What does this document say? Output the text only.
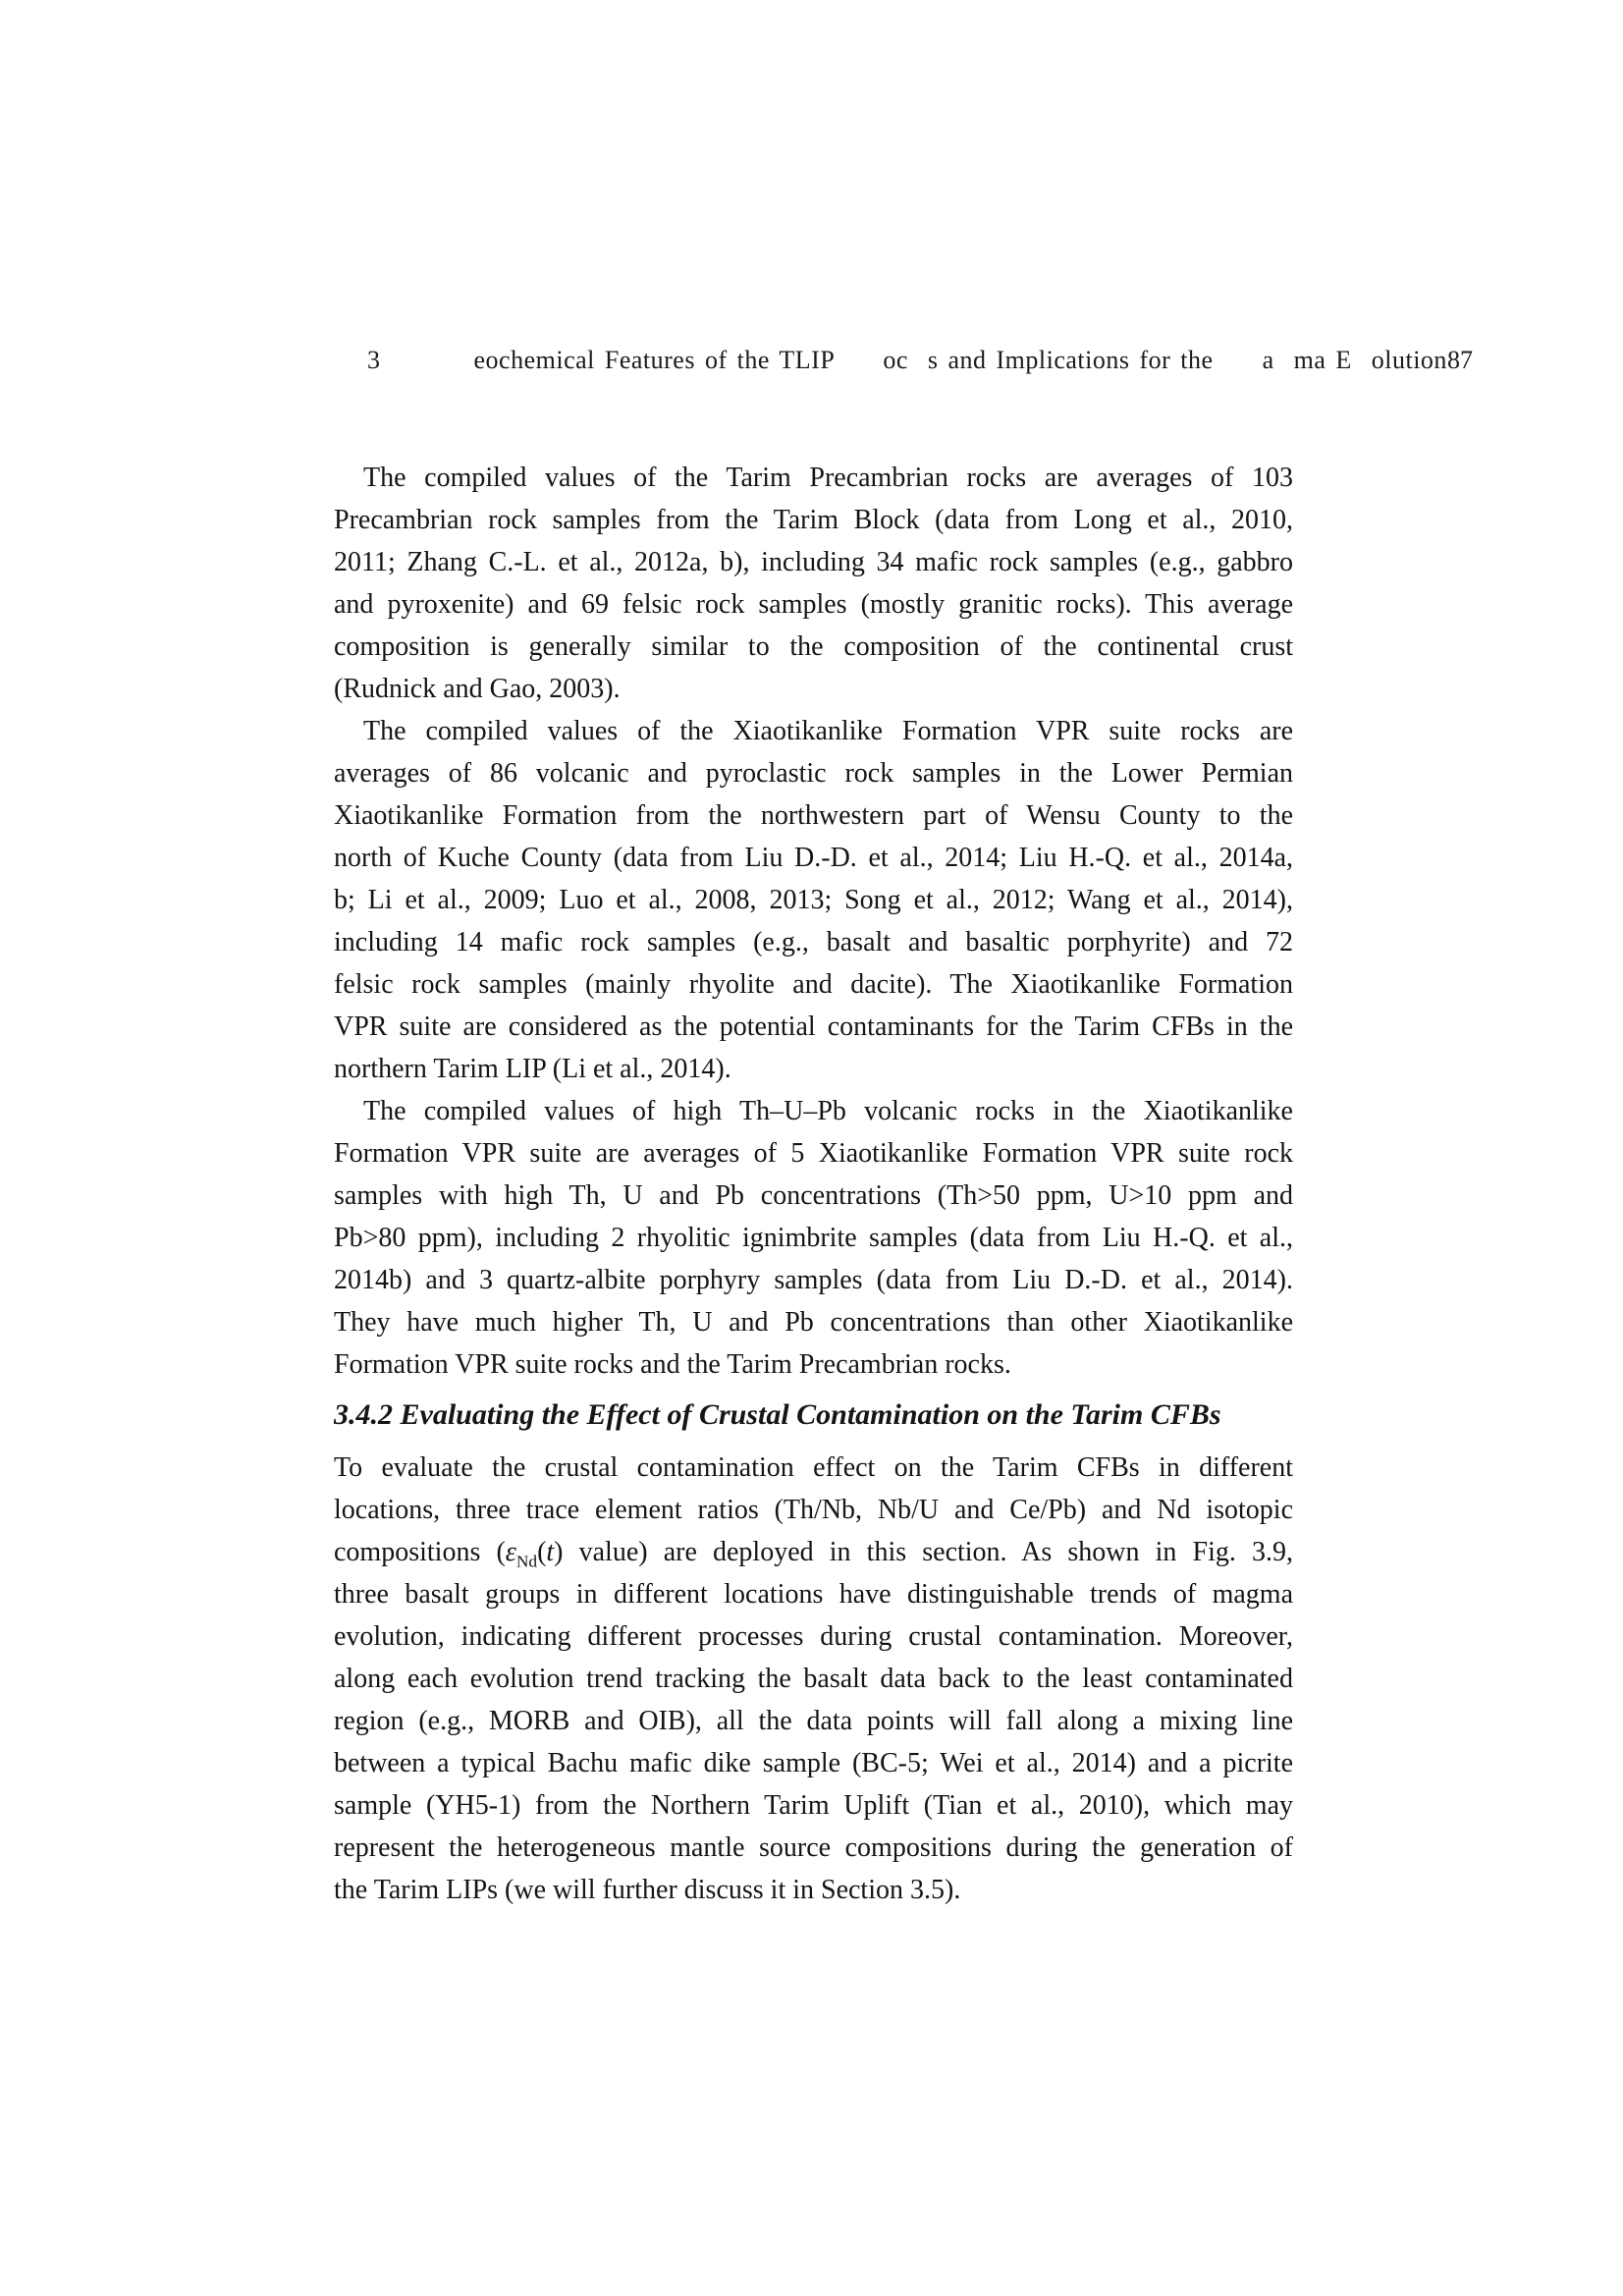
3	eochemical Features of the TLIP     oc  s and Implications for the     a  ma E  olution 87
The compiled values of the Tarim Precambrian rocks are averages of 103
Precambrian rock samples from the Tarim Block (data from Long et al., 2010,
2011; Zhang C.-L. et al., 2012a, b), including 34 mafic rock samples (e.g., gabbro
and pyroxenite) and 69 felsic rock samples (mostly granitic rocks). This average
composition is generally similar to the composition of the continental crust
(Rudnick and Gao, 2003).
The compiled values of the Xiaotikanlike Formation VPR suite rocks are
averages of 86 volcanic and pyroclastic rock samples in the Lower Permian
Xiaotikanlike Formation from the northwestern part of Wensu County to the
north of Kuche County (data from Liu D.-D. et al., 2014; Liu H.-Q. et al., 2014a,
b; Li et al., 2009; Luo et al., 2008, 2013; Song et al., 2012; Wang et al., 2014),
including 14 mafic rock samples (e.g., basalt and basaltic porphyrite) and 72
felsic rock samples (mainly rhyolite and dacite). The Xiaotikanlike Formation
VPR suite are considered as the potential contaminants for the Tarim CFBs in the
northern Tarim LIP (Li et al., 2014).
The compiled values of high Th–U–Pb volcanic rocks in the Xiaotikanlike
Formation VPR suite are averages of 5 Xiaotikanlike Formation VPR suite rock
samples with high Th, U and Pb concentrations (Th>50 ppm, U>10 ppm and
Pb>80 ppm), including 2 rhyolitic ignimbrite samples (data from Liu H.-Q. et al.,
2014b) and 3 quartz-albite porphyry samples (data from Liu D.-D. et al., 2014).
They have much higher Th, U and Pb concentrations than other Xiaotikanlike
Formation VPR suite rocks and the Tarim Precambrian rocks.
3.4.2 Evaluating the Effect of Crustal Contamination on the Tarim CFBs
To evaluate the crustal contamination effect on the Tarim CFBs in different
locations, three trace element ratios (Th/Nb, Nb/U and Ce/Pb) and Nd isotopic
compositions ($\varepsilon_{Nd}(t)$ value) are deployed in this section. As shown in Fig. 3.9,
three basalt groups in different locations have distinguishable trends of magma
evolution, indicating different processes during crustal contamination. Moreover,
along each evolution trend tracking the basalt data back to the least contaminated
region (e.g., MORB and OIB), all the data points will fall along a mixing line
between a typical Bachu mafic dike sample (BC-5; Wei et al., 2014) and a picrite
sample (YH5-1) from the Northern Tarim Uplift (Tian et al., 2010), which may
represent the heterogeneous mantle source compositions during the generation of
the Tarim LIPs (we will further discuss it in Section 3.5).
